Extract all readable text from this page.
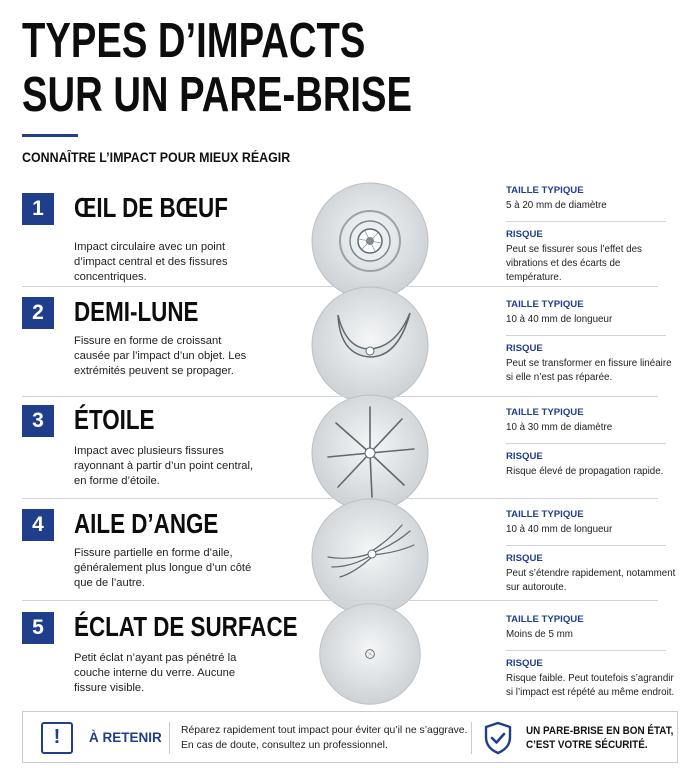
TYPES D’IMPACTS
SUR UN PARE-BRISE
CONNAÎTRE L’IMPACT POUR MIEUX RÉAGIR
1	ŒIL DE BŒUF
Impact circulaire avec un point d’impact central et des fissures concentriques.
TAILLE TYPIQUE
5 à 20 mm de diamètre
RISQUE
Peut se fissurer sous l’effet des vibrations et des écarts de température.
2	DEMI-LUNE
Fissure en forme de croissant causée par l’impact d’un objet. Les extrémités peuvent se propager.
TAILLE TYPIQUE
10 à 40 mm de longueur
RISQUE
Peut se transformer en fissure linéaire si elle n’est pas réparée.
3	ÉTOILE
Impact avec plusieurs fissures rayonnant à partir d’un point central, en forme d’étoile.
TAILLE TYPIQUE
10 à 30 mm de diamètre
RISQUE
Risque élevé de propagation rapide.
4	AILE D’ANGE
Fissure partielle en forme d’aile, généralement plus longue d’un côté que de l’autre.
TAILLE TYPIQUE
10 à 40 mm de longueur
RISQUE
Peut s’étendre rapidement, notamment sur autoroute.
5	ÉCLAT DE SURFACE
Petit éclat n’ayant pas pénétré la couche interne du verre. Aucune fissure visible.
TAILLE TYPIQUE
Moins de 5 mm
RISQUE
Risque faible. Peut toutefois s’agrandir si l’impact est répété au même endroit.
!	À RETENIR Réparez rapidement tout impact pour éviter qu’il ne s’aggrave.
En cas de doute, consultez un professionnel.
UN PARE-BRISE EN BON ÉTAT,
C’EST VOTRE SÉCURITÉ.
